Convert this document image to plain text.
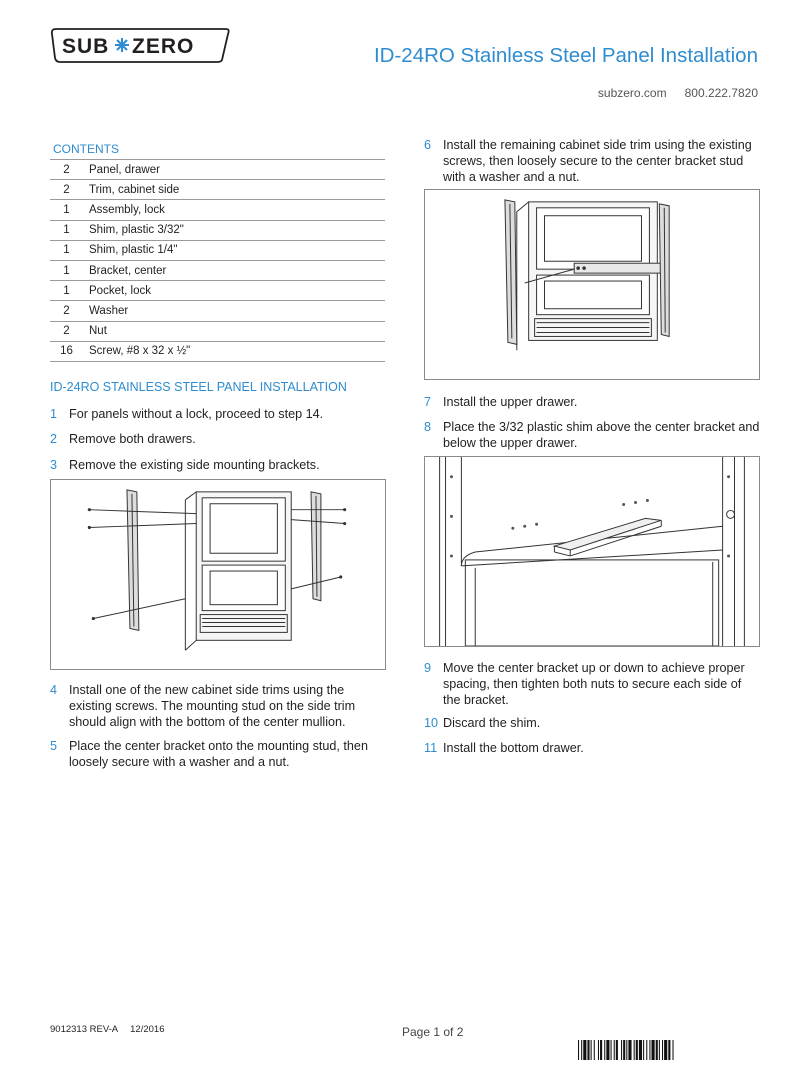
SUB ZERO	ID-24RO Stainless Steel Panel Installation
subzero.com 800.222.7820
CONTENTS
2	Panel, drawer
2	Trim, cabinet side
1	Assembly, lock
1	Shim, plastic 3/32"
1	Shim, plastic 1/4"
1	Bracket, center
1	Pocket, lock
2	Washer
2	Nut
16	Screw, #8 x 32 x ½"
ID-24RO STAINLESS STEEL PANEL INSTALLATION
1 For panels without a lock, proceed to step 14.
2 Remove both drawers.
3 Remove the existing side mounting brackets.
4 Install one of the new cabinet side trims using the existing screws. The mounting stud on the side trim should align with the bottom of the center mullion.
5 Place the center bracket onto the mounting stud, then loosely secure with a washer and a nut.
6 Install the remaining cabinet side trim using the existing screws, then loosely secure to the center bracket stud with a washer and a nut.
7 Install the upper drawer.
8 Place the 3/32 plastic shim above the center bracket and below the upper drawer.
9 Move the center bracket up or down to achieve proper spacing, then tighten both nuts to secure each side of the bracket.
10 Discard the shim.
11 Install the bottom drawer.
9012313 REV-A 12/2016	Page 1 of 2
